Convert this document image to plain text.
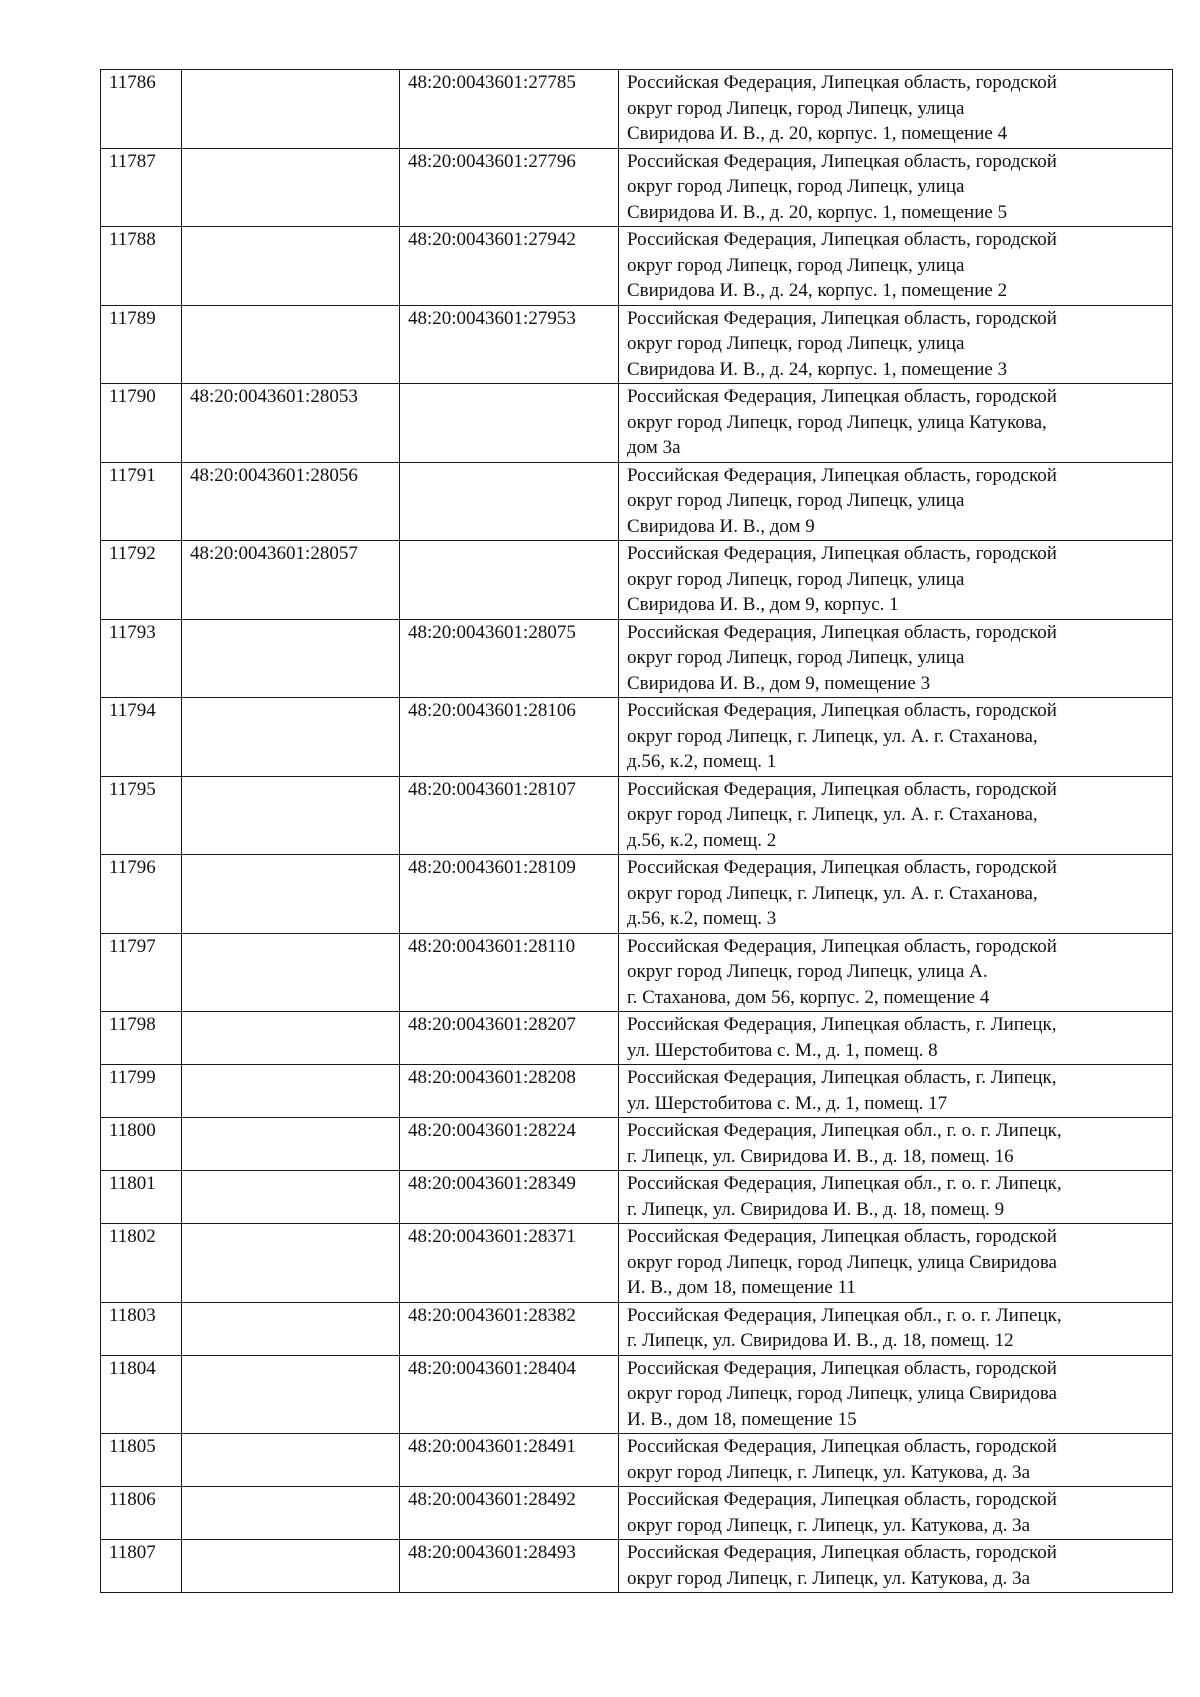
11786		48:20:0043601:27785	Российская Федерация, Липецкая область, городской
округ город Липецк, город Липецк, улица
Свиридова И. В., д. 20, корпус. 1, помещение 4
11787		48:20:0043601:27796	Российская Федерация, Липецкая область, городской
округ город Липецк, город Липецк, улица
Свиридова И. В., д. 20, корпус. 1, помещение 5
11788		48:20:0043601:27942	Российская Федерация, Липецкая область, городской
округ город Липецк, город Липецк, улица
Свиридова И. В., д. 24, корпус. 1, помещение 2
11789		48:20:0043601:27953	Российская Федерация, Липецкая область, городской
округ город Липецк, город Липецк, улица
Свиридова И. В., д. 24, корпус. 1, помещение 3
11790	48:20:0043601:28053		Российская Федерация, Липецкая область, городской
округ город Липецк, город Липецк, улица Катукова,
дом 3а
11791	48:20:0043601:28056		Российская Федерация, Липецкая область, городской
округ город Липецк, город Липецк, улица
Свиридова И. В., дом 9
11792	48:20:0043601:28057		Российская Федерация, Липецкая область, городской
округ город Липецк, город Липецк, улица
Свиридова И. В., дом 9, корпус. 1
11793		48:20:0043601:28075	Российская Федерация, Липецкая область, городской
округ город Липецк, город Липецк, улица
Свиридова И. В., дом 9, помещение 3
11794		48:20:0043601:28106	Российская Федерация, Липецкая область, городской
округ город Липецк, г. Липецк, ул. А. г. Стаханова,
д.56, к.2, помещ. 1
11795		48:20:0043601:28107	Российская Федерация, Липецкая область, городской
округ город Липецк, г. Липецк, ул. А. г. Стаханова,
д.56, к.2, помещ. 2
11796		48:20:0043601:28109	Российская Федерация, Липецкая область, городской
округ город Липецк, г. Липецк, ул. А. г. Стаханова,
д.56, к.2, помещ. 3
11797		48:20:0043601:28110	Российская Федерация, Липецкая область, городской
округ город Липецк, город Липецк, улица А.
г. Стаханова, дом 56, корпус. 2, помещение 4
11798		48:20:0043601:28207	Российская Федерация, Липецкая область, г. Липецк,
ул. Шерстобитова с. М., д. 1, помещ. 8
11799		48:20:0043601:28208	Российская Федерация, Липецкая область, г. Липецк,
ул. Шерстобитова с. М., д. 1, помещ. 17
11800		48:20:0043601:28224	Российская Федерация, Липецкая обл., г. о. г. Липецк,
г. Липецк, ул. Свиридова И. В., д. 18, помещ. 16
11801		48:20:0043601:28349	Российская Федерация, Липецкая обл., г. о. г. Липецк,
г. Липецк, ул. Свиридова И. В., д. 18, помещ. 9
11802		48:20:0043601:28371	Российская Федерация, Липецкая область, городской
округ город Липецк, город Липецк, улица Свиридова
И. В., дом 18, помещение 11
11803		48:20:0043601:28382	Российская Федерация, Липецкая обл., г. о. г. Липецк,
г. Липецк, ул. Свиридова И. В., д. 18, помещ. 12
11804		48:20:0043601:28404	Российская Федерация, Липецкая область, городской
округ город Липецк, город Липецк, улица Свиридова
И. В., дом 18, помещение 15
11805		48:20:0043601:28491	Российская Федерация, Липецкая область, городской
округ город Липецк, г. Липецк, ул. Катукова, д. 3а
11806		48:20:0043601:28492	Российская Федерация, Липецкая область, городской
округ город Липецк, г. Липецк, ул. Катукова, д. 3а
11807		48:20:0043601:28493	Российская Федерация, Липецкая область, городской
округ город Липецк, г. Липецк, ул. Катукова, д. 3а
